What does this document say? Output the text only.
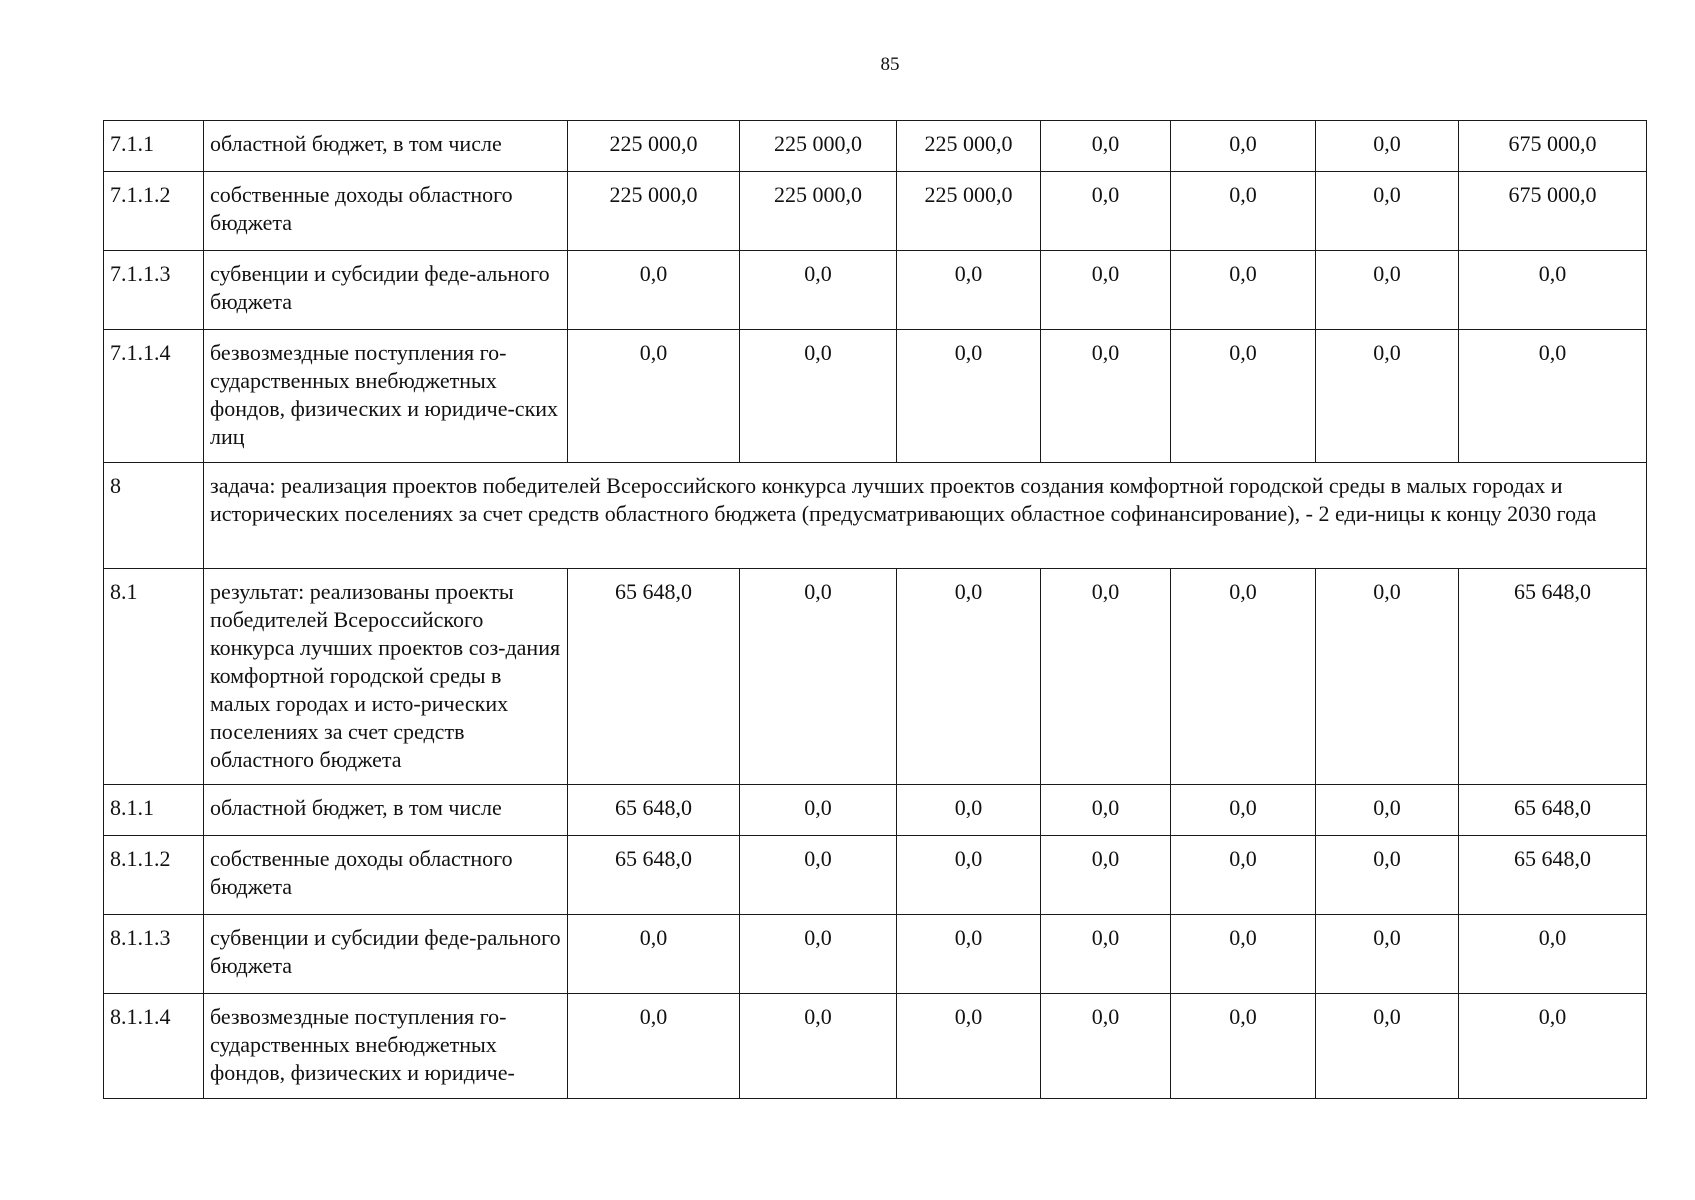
85
7.1.1	областной бюджет, в том числе	225 000,0	225 000,0	225 000,0	0,0	0,0	0,0	675 000,0
7.1.1.2	собственные доходы областного бюджета	225 000,0	225 000,0	225 000,0	0,0	0,0	0,0	675 000,0
7.1.1.3	субвенции и субсидии феде-ального бюджета	0,0	0,0	0,0	0,0	0,0	0,0	0,0
7.1.1.4	безвозмездные поступления го-сударственных внебюджетных фондов, физических и юридиче-ских лиц	0,0	0,0	0,0	0,0	0,0	0,0	0,0
8	задача: реализация проектов победителей Всероссийского конкурса лучших проектов создания комфортной городской среды в малых городах и исторических поселениях за счет средств областного бюджета (предусматривающих областное софинансирование), - 2 еди-ницы к концу 2030 года							
8.1	результат: реализованы проекты победителей Всероссийского конкурса лучших проектов соз-дания комфортной городской среды в малых городах и исто-рических поселениях за счет средств областного бюджета	65 648,0	0,0	0,0	0,0	0,0	0,0	65 648,0
8.1.1	областной бюджет, в том числе	65 648,0	0,0	0,0	0,0	0,0	0,0	65 648,0
8.1.1.2	собственные доходы областного бюджета	65 648,0	0,0	0,0	0,0	0,0	0,0	65 648,0
8.1.1.3	субвенции и субсидии феде-рального бюджета	0,0	0,0	0,0	0,0	0,0	0,0	0,0
8.1.1.4	безвозмездные поступления го-сударственных внебюджетных фондов, физических и юридиче-	0,0	0,0	0,0	0,0	0,0	0,0	0,0
